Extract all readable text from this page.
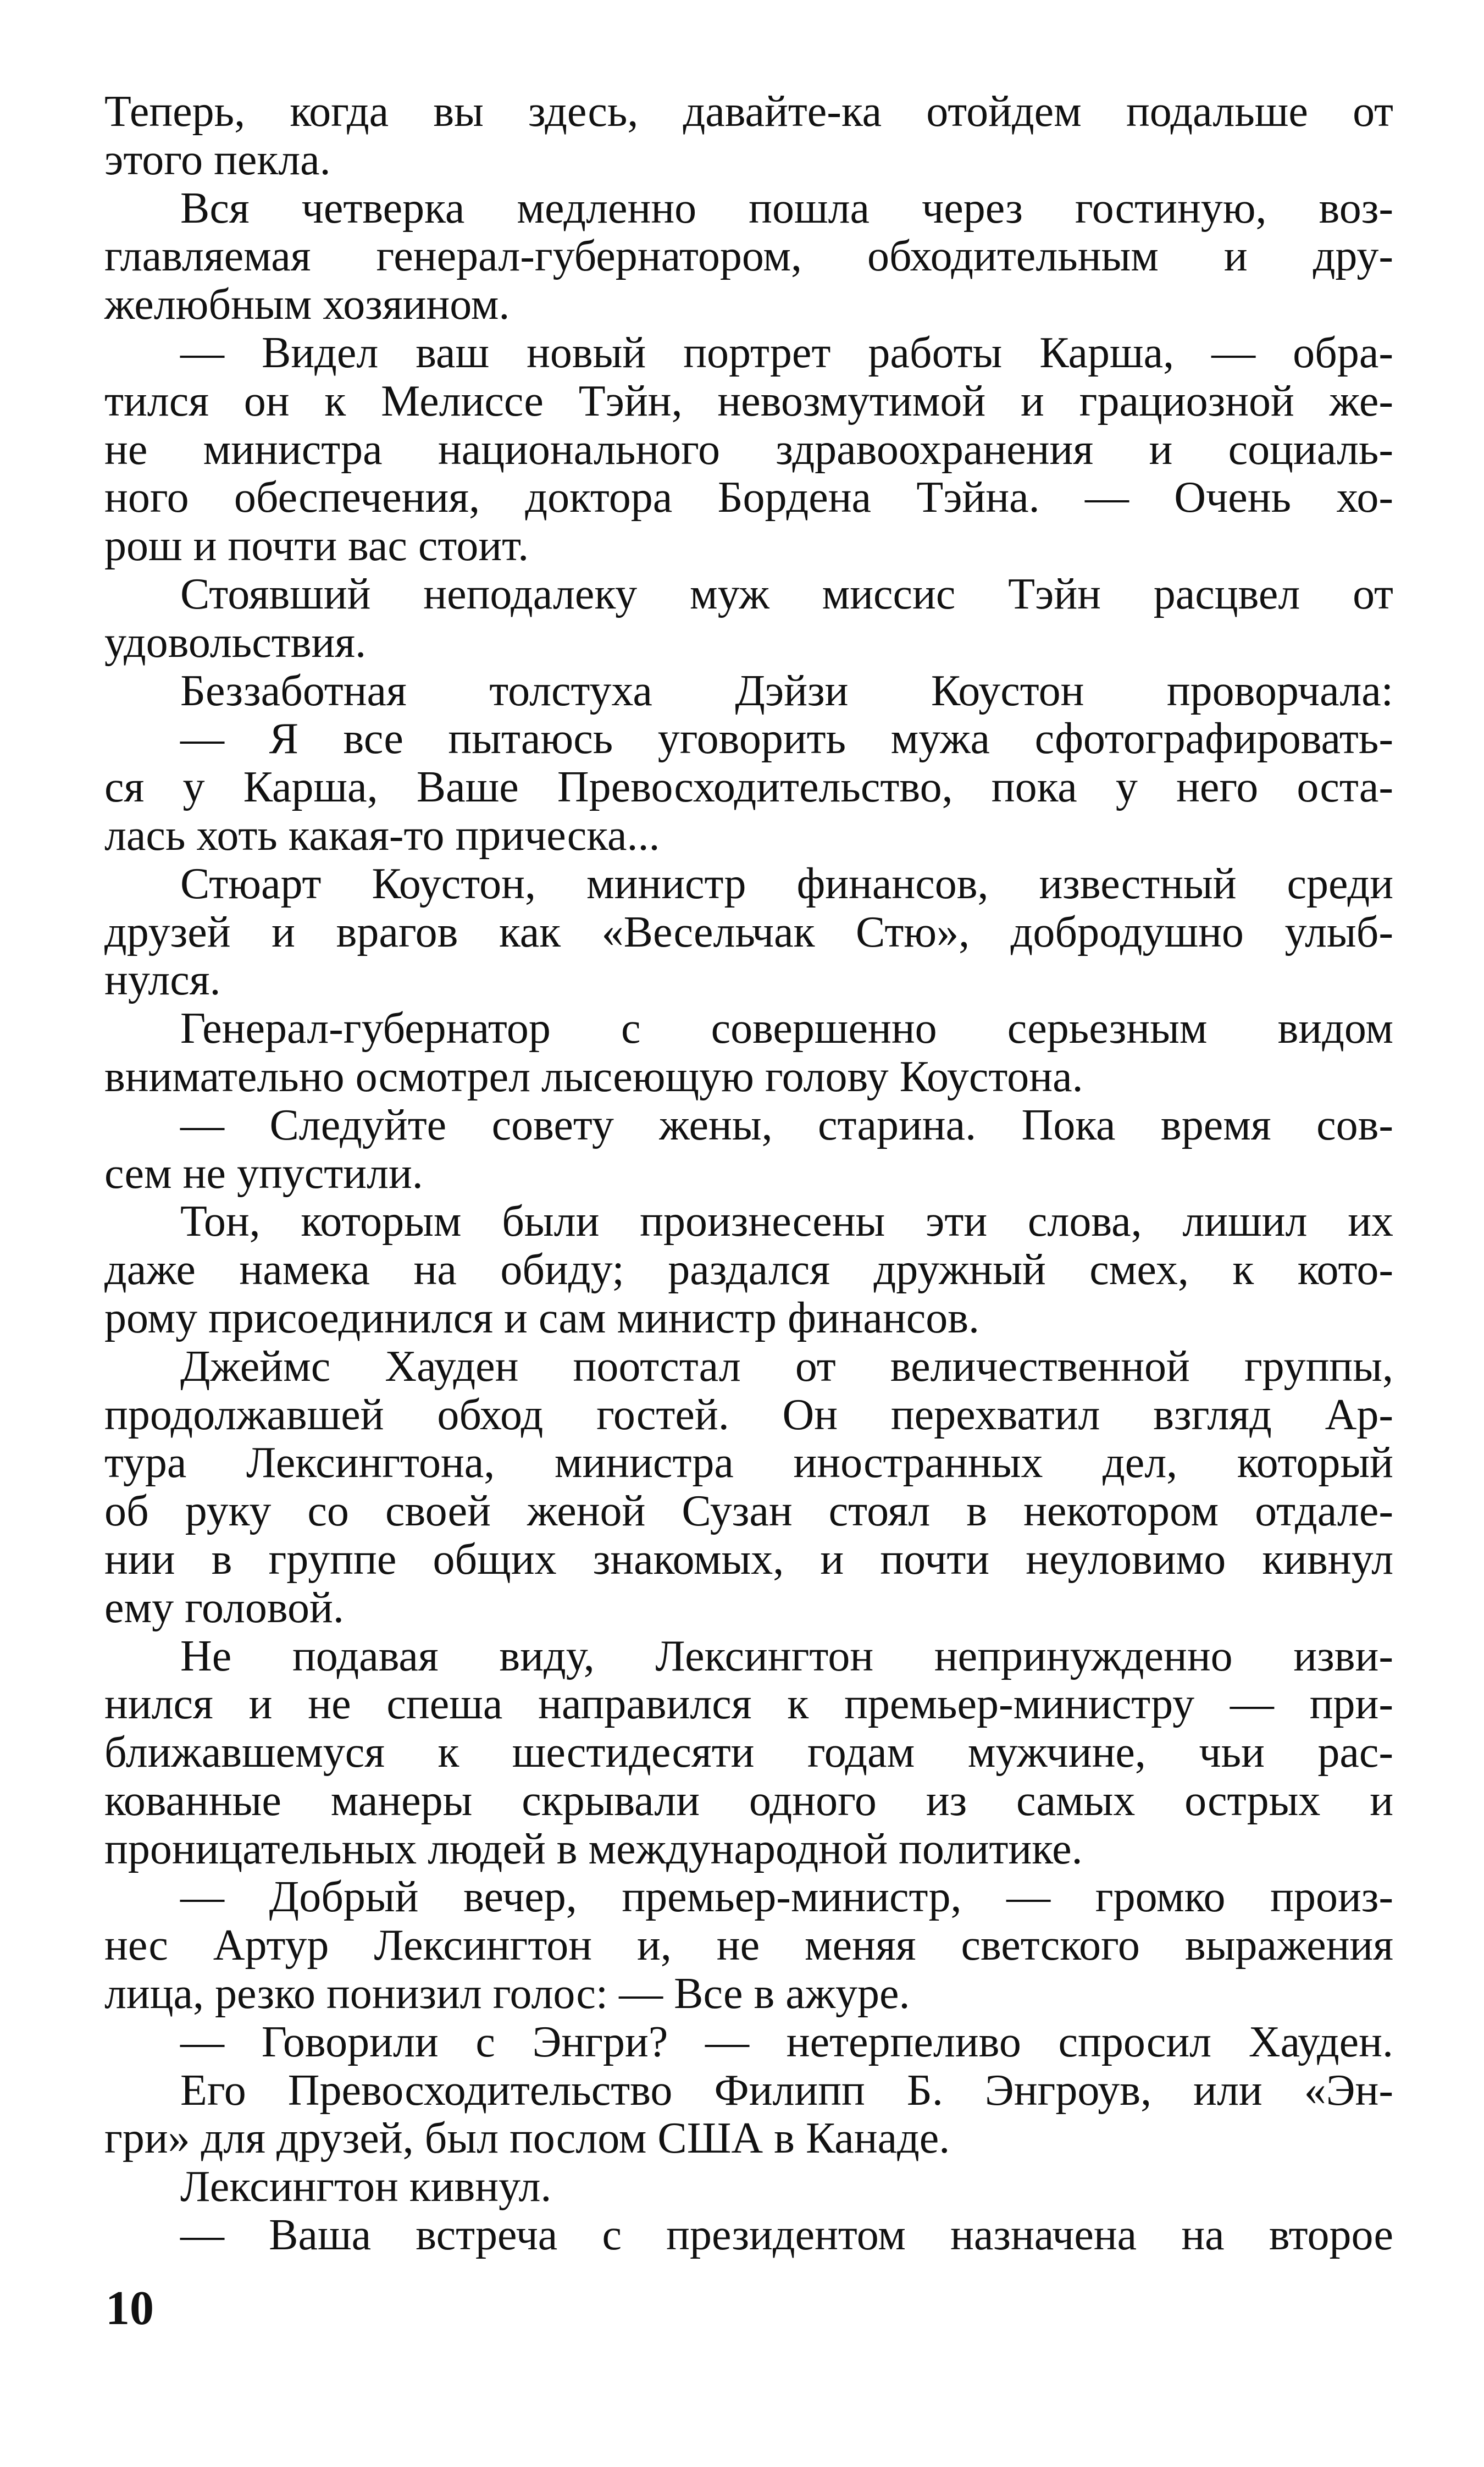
Теперь, когда вы здесь, давайте-ка отойдем подальше от
этого пекла.
Вся четверка медленно пошла через гостиную, воз-
главляемая генерал-губернатором, обходительным и дру-
желюбным хозяином.
— Видел ваш новый портрет работы Карша, — обра-
тился он к Мелиссе Тэйн, невозмутимой и грациозной же-
не министра национального здравоохранения и социаль-
ного обеспечения, доктора Бордена Тэйна. — Очень хо-
рош и почти вас стоит.
Стоявший неподалеку муж миссис Тэйн расцвел от
удовольствия.
Беззаботная толстуха Дэйзи Коустон проворчала:
— Я все пытаюсь уговорить мужа сфотографировать-
ся у Карша, Ваше Превосходительство, пока у него оста-
лась хоть какая-то прическа...
Стюарт Коустон, министр финансов, известный среди
друзей и врагов как «Весельчак Стю», добродушно улыб-
нулся.
Генерал-губернатор с совершенно серьезным видом
внимательно осмотрел лысеющую голову Коустона.
— Следуйте совету жены, старина. Пока время сов-
сем не упустили.
Тон, которым были произнесены эти слова, лишил их
даже намека на обиду; раздался дружный смех, к кото-
рому присоединился и сам министр финансов.
Джеймс Хауден поотстал от величественной группы,
продолжавшей обход гостей. Он перехватил взгляд Ар-
тура Лексингтона, министра иностранных дел, который
об руку со своей женой Сузан стоял в некотором отдале-
нии в группе общих знакомых, и почти неуловимо кивнул
ему головой.
Не подавая виду, Лексингтон непринужденно изви-
нился и не спеша направился к премьер-министру — при-
ближавшемуся к шестидесяти годам мужчине, чьи рас-
кованные манеры скрывали одного из самых острых и
проницательных людей в международной политике.
— Добрый вечер, премьер-министр, — громко произ-
нес Артур Лексингтон и, не меняя светского выражения
лица, резко понизил голос: — Все в ажуре.
— Говорили с Энгри? — нетерпеливо спросил Хауден.
Его Превосходительство Филипп Б. Энгроув, или «Эн-
гри» для друзей, был послом США в Канаде.
Лексингтон кивнул.
— Ваша встреча с президентом назначена на второе
10
